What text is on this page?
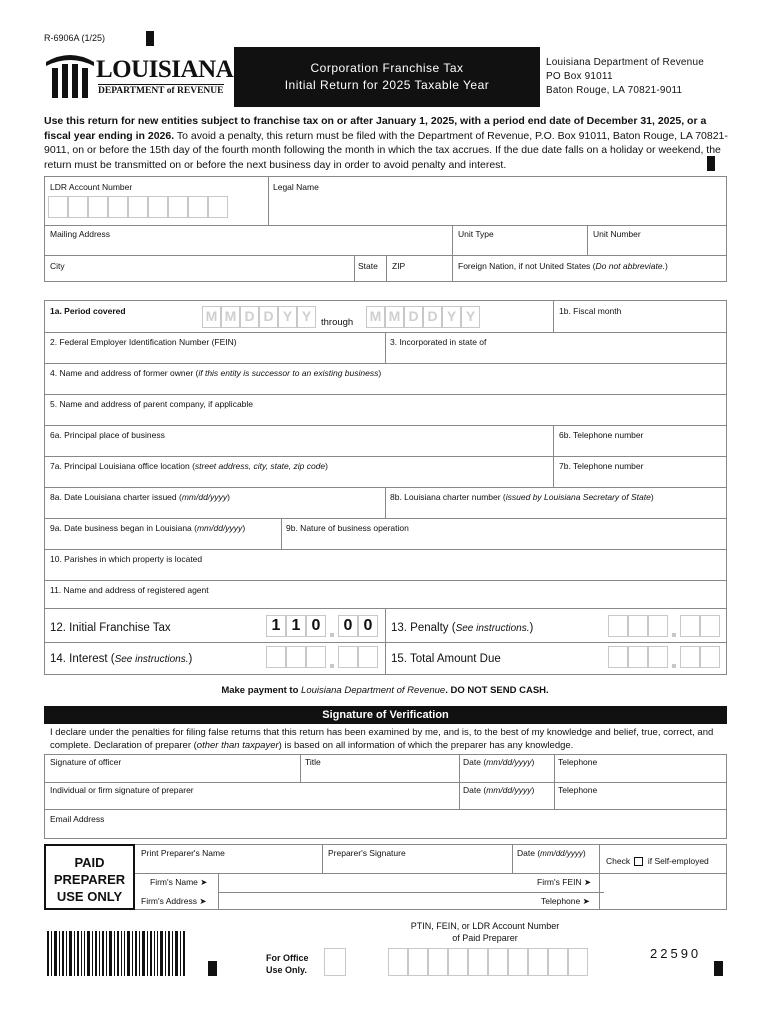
R-6906A (1/25)
LOUISIANA
DEPARTMENT of REVENUE
Corporation Franchise Tax
Initial Return for 2025 Taxable Year
Louisiana Department of Revenue
PO Box 91011
Baton Rouge, LA 70821-9011
Use this return for new entities subject to franchise tax on or after January 1, 2025, with a period end date of December 31, 2025, or a fiscal year ending in 2026. To avoid a penalty, this return must be filed with the Department of Revenue, P.O. Box 91011, Baton Rouge, LA 70821-9011, on or before the 15th day of the fourth month following the month in which the tax accrues. If the due date falls on a holiday or weekend, the return must be transmitted on or before the next business day in order to avoid penalty and interest.
LDR Account Number	Legal Name
Mailing Address	Unit Type	Unit Number
City	State ZIP	Foreign Nation, if not United States (Do not abbreviate.)
1a. Period covered	M M D D Y Y	through M M D D Y Y	1b. Fiscal month
2. Federal Employer Identification Number (FEIN)	3. Incorporated in state of
4. Name and address of former owner (if this entity is successor to an existing business)
5. Name and address of parent company, if applicable
6a. Principal place of business	6b. Telephone number
7a. Principal Louisiana office location (street address, city, state, zip code)	7b. Telephone number
8a. Date Louisiana charter issued (mm/dd/yyyy)	8b. Louisiana charter number (issued by Louisiana Secretary of State)
9a. Date business began in Louisiana (mm/dd/yyyy)	9b. Nature of business operation
10. Parishes in which property is located
11. Name and address of registered agent
12. Initial Franchise Tax	1 1 0	0 0	13. Penalty (See instructions.)
14. Interest (See instructions.)	15. Total Amount Due
Make payment to Louisiana Department of Revenue. DO NOT SEND CASH.
Signature of Verification
I declare under the penalties for filing false returns that this return has been examined by me, and is, to the best of my knowledge and belief, true, correct, and complete. Declaration of preparer (other than taxpayer) is based on all information of which the preparer has any knowledge.
Signature of officer	Title	Date (mm/dd/yyyy)	Telephone
Individual or firm signature of preparer	Date (mm/dd/yyyy)	Telephone
Email Address
PAID
PREPARER
USE ONLY
Print Preparer's Name	Preparer's Signature	Date (mm/dd/yyyy)
Check if Self-employed
Firm's Name ➤	Firm's FEIN ➤
Firm's Address ➤	Telephone ➤
For Office
Use Only.
PTIN, FEIN, or LDR Account Number
of Paid Preparer
22590
